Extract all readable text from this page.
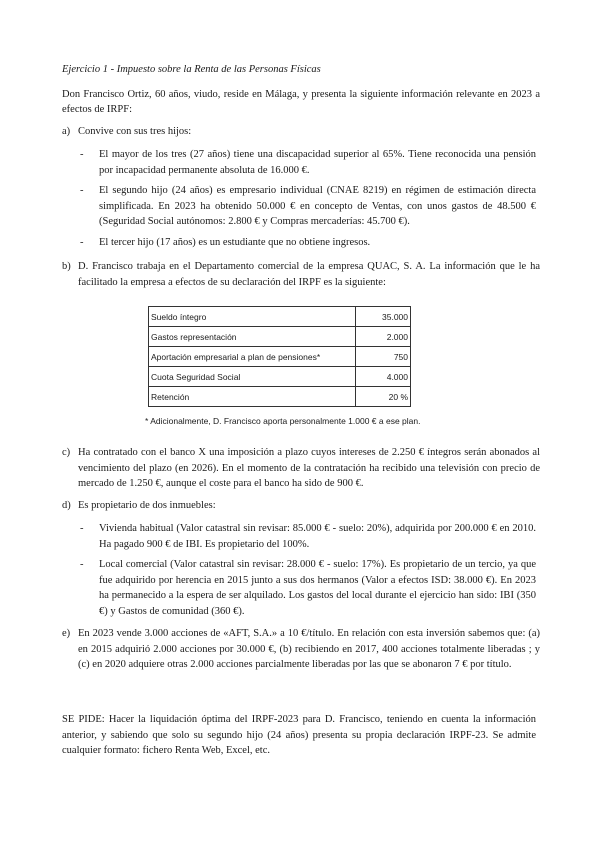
Ejercicio 1 - Impuesto sobre la Renta de las Personas Físicas
Don Francisco Ortiz, 60 años, viudo, reside en Málaga, y presenta la siguiente información relevante en 2023 a efectos de IRPF:
a) Convive con sus tres hijos:
- El mayor de los tres (27 años) tiene una discapacidad superior al 65%. Tiene reconocida una pensión por incapacidad permanente absoluta de 16.000 €.
- El segundo hijo (24 años) es empresario individual (CNAE 8219) en régimen de estimación directa simplificada. En 2023 ha obtenido 50.000 € en concepto de Ventas, con unos gastos de 48.500 € (Seguridad Social autónomos: 2.800 € y Compras mercaderías: 45.700 €).
- El tercer hijo (17 años) es un estudiante que no obtiene ingresos.
b) D. Francisco trabaja en el Departamento comercial de la empresa QUAC, S. A. La información que le ha facilitado la empresa a efectos de su declaración del IRPF es la siguiente:
Sueldo íntegro	35.000
Gastos representación	2.000
Aportación empresarial a plan de pensiones*	750
Cuota Seguridad Social	4.000
Retención	20 %
* Adicionalmente, D. Francisco aporta personalmente 1.000 € a ese plan.
c) Ha contratado con el banco X una imposición a plazo cuyos intereses de 2.250 € íntegros serán abonados al vencimiento del plazo (en 2026). En el momento de la contratación ha recibido una televisión con precio de mercado de 1.250 €, aunque el coste para el banco ha sido de 900 €.
d) Es propietario de dos inmuebles:
- Vivienda habitual (Valor catastral sin revisar: 85.000 € - suelo: 20%), adquirida por 200.000 € en 2010. Ha pagado 900 € de IBI. Es propietario del 100%.
- Local comercial (Valor catastral sin revisar: 28.000 € - suelo: 17%). Es propietario de un tercio, ya que fue adquirido por herencia en 2015 junto a sus dos hermanos (Valor a efectos ISD: 38.000 €). En 2023 ha permanecido a la espera de ser alquilado. Los gastos del local durante el ejercicio han sido: IBI (350 €) y Gastos de comunidad (360 €).
e) En 2023 vende 3.000 acciones de «AFT, S.A.» a 10 €/título. En relación con esta inversión sabemos que: (a) en 2015 adquirió 2.000 acciones por 30.000 €, (b) recibiendo en 2017, 400 acciones totalmente liberadas ; y (c) en 2020 adquiere otras 2.000 acciones parcialmente liberadas por las que se abonaron 7 € por título.
SE PIDE: Hacer la liquidación óptima del IRPF-2023 para D. Francisco, teniendo en cuenta la información anterior, y sabiendo que solo su segundo hijo (24 años) presenta su propia declaración IRPF-23. Se admite cualquier formato: fichero Renta Web, Excel, etc.
